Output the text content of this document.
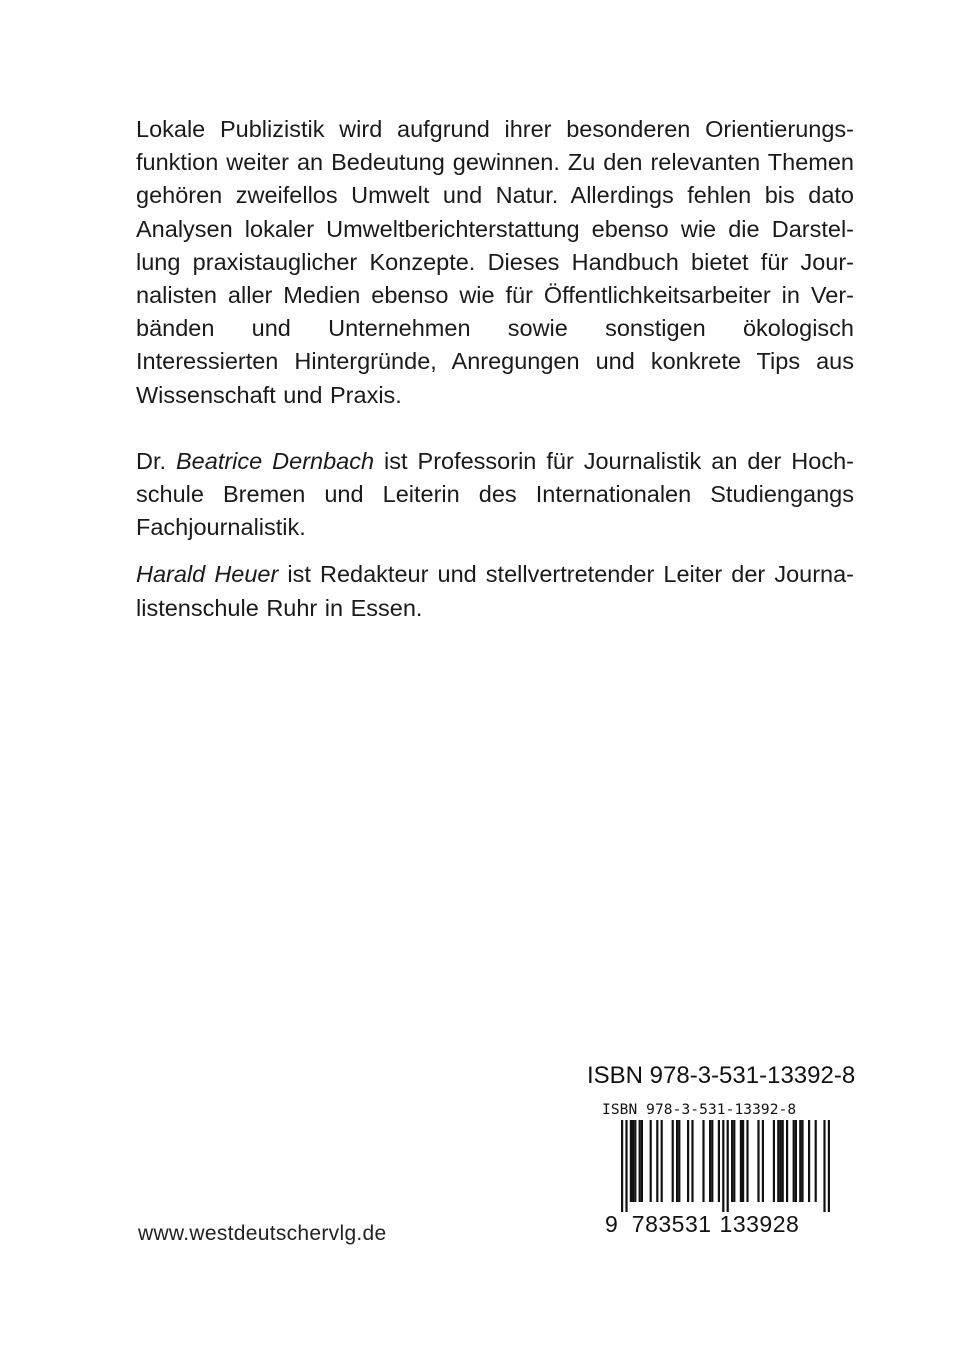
Lokale Publizistik wird aufgrund ihrer besonderen Orientierungsfunktion weiter an Bedeutung gewinnen. Zu den relevanten Themen gehören zweifellos Umwelt und Natur. Allerdings fehlen bis dato Analysen lokaler Umweltberichterstattung ebenso wie die Darstellung praxistauglicher Konzepte. Dieses Handbuch bietet für Journalisten aller Medien ebenso wie für Öffentlichkeitsarbeiter in Verbänden und Unternehmen sowie sonstigen ökologisch Interessierten Hintergründe, Anregungen und konkrete Tips aus Wissenschaft und Praxis.

Dr. Beatrice Dernbach ist Professorin für Journalistik an der Hochschule Bremen und Leiterin des Internationalen Studiengangs Fachjournalistik.

Harald Heuer ist Redakteur und stellvertretender Leiter der Journalistenschule Ruhr in Essen.

ISBN 978-3-531-13392-8
ISBN 978-3-531-13392-8
9 783531 133928
www.westdeutschervlg.de
